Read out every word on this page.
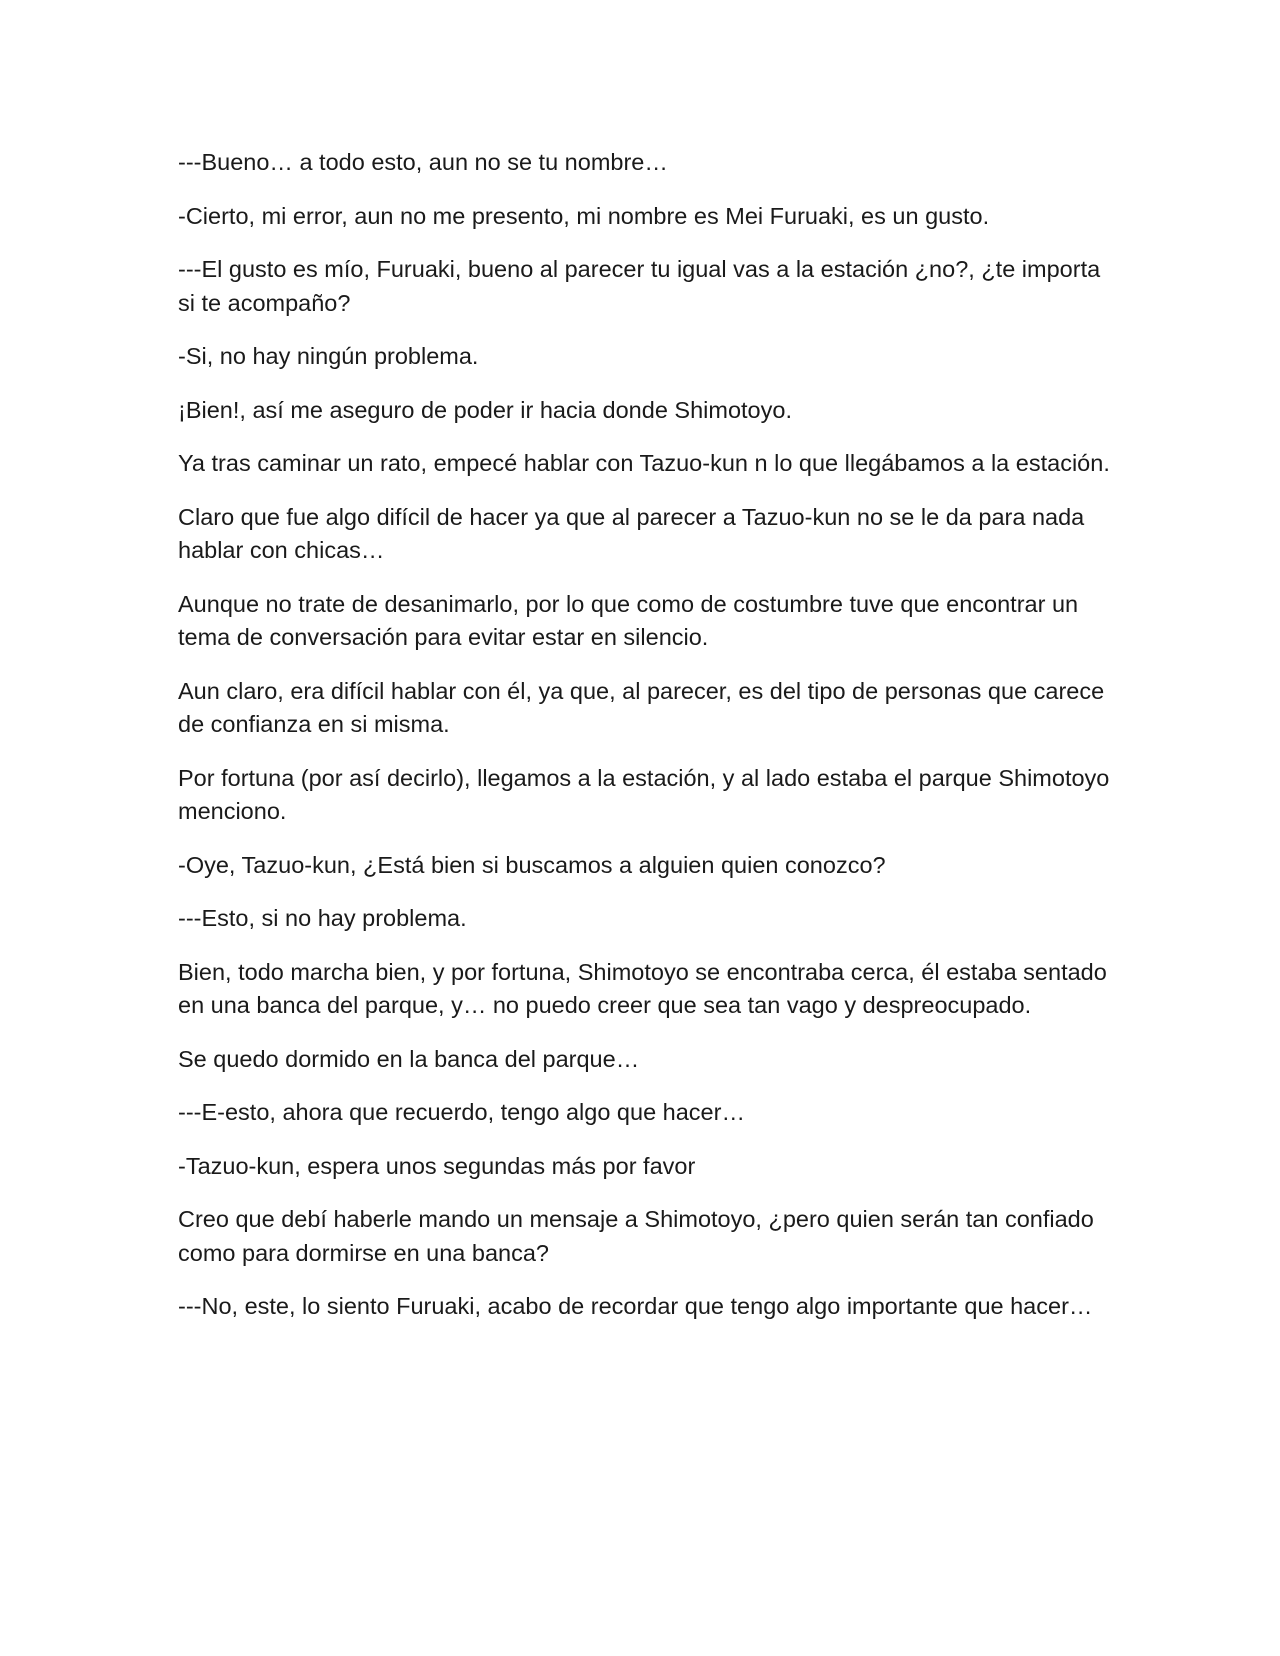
---Bueno… a todo esto, aun no se tu nombre…

-Cierto, mi error, aun no me presento, mi nombre es Mei Furuaki, es un gusto.

---El gusto es mío, Furuaki, bueno al parecer tu igual vas a la estación ¿no?, ¿te importa si te acompaño?

-Si, no hay ningún problema.

¡Bien!, así me aseguro de poder ir hacia donde Shimotoyo.

Ya tras caminar un rato, empecé hablar con Tazuo-kun n lo que llegábamos a la estación.

Claro que fue algo difícil de hacer ya que al parecer a Tazuo-kun no se le da para nada hablar con chicas…

Aunque no trate de desanimarlo, por lo que como de costumbre tuve que encontrar un tema de conversación para evitar estar en silencio.

Aun claro, era difícil hablar con él, ya que, al parecer, es del tipo de personas que carece de confianza en si misma.

Por fortuna (por así decirlo), llegamos a la estación, y al lado estaba el parque Shimotoyo menciono.

-Oye, Tazuo-kun, ¿Está bien si buscamos a alguien quien conozco?

---Esto, si no hay problema.

Bien, todo marcha bien, y por fortuna, Shimotoyo se encontraba cerca, él estaba sentado en una banca del parque, y… no puedo creer que sea tan vago y despreocupado.

Se quedo dormido en la banca del parque…

---E-esto, ahora que recuerdo, tengo algo que hacer…

-Tazuo-kun, espera unos segundas más por favor

Creo que debí haberle mando un mensaje a Shimotoyo, ¿pero quien serán tan confiado como para dormirse en una banca?

---No, este, lo siento Furuaki, acabo de recordar que tengo algo importante que hacer…
